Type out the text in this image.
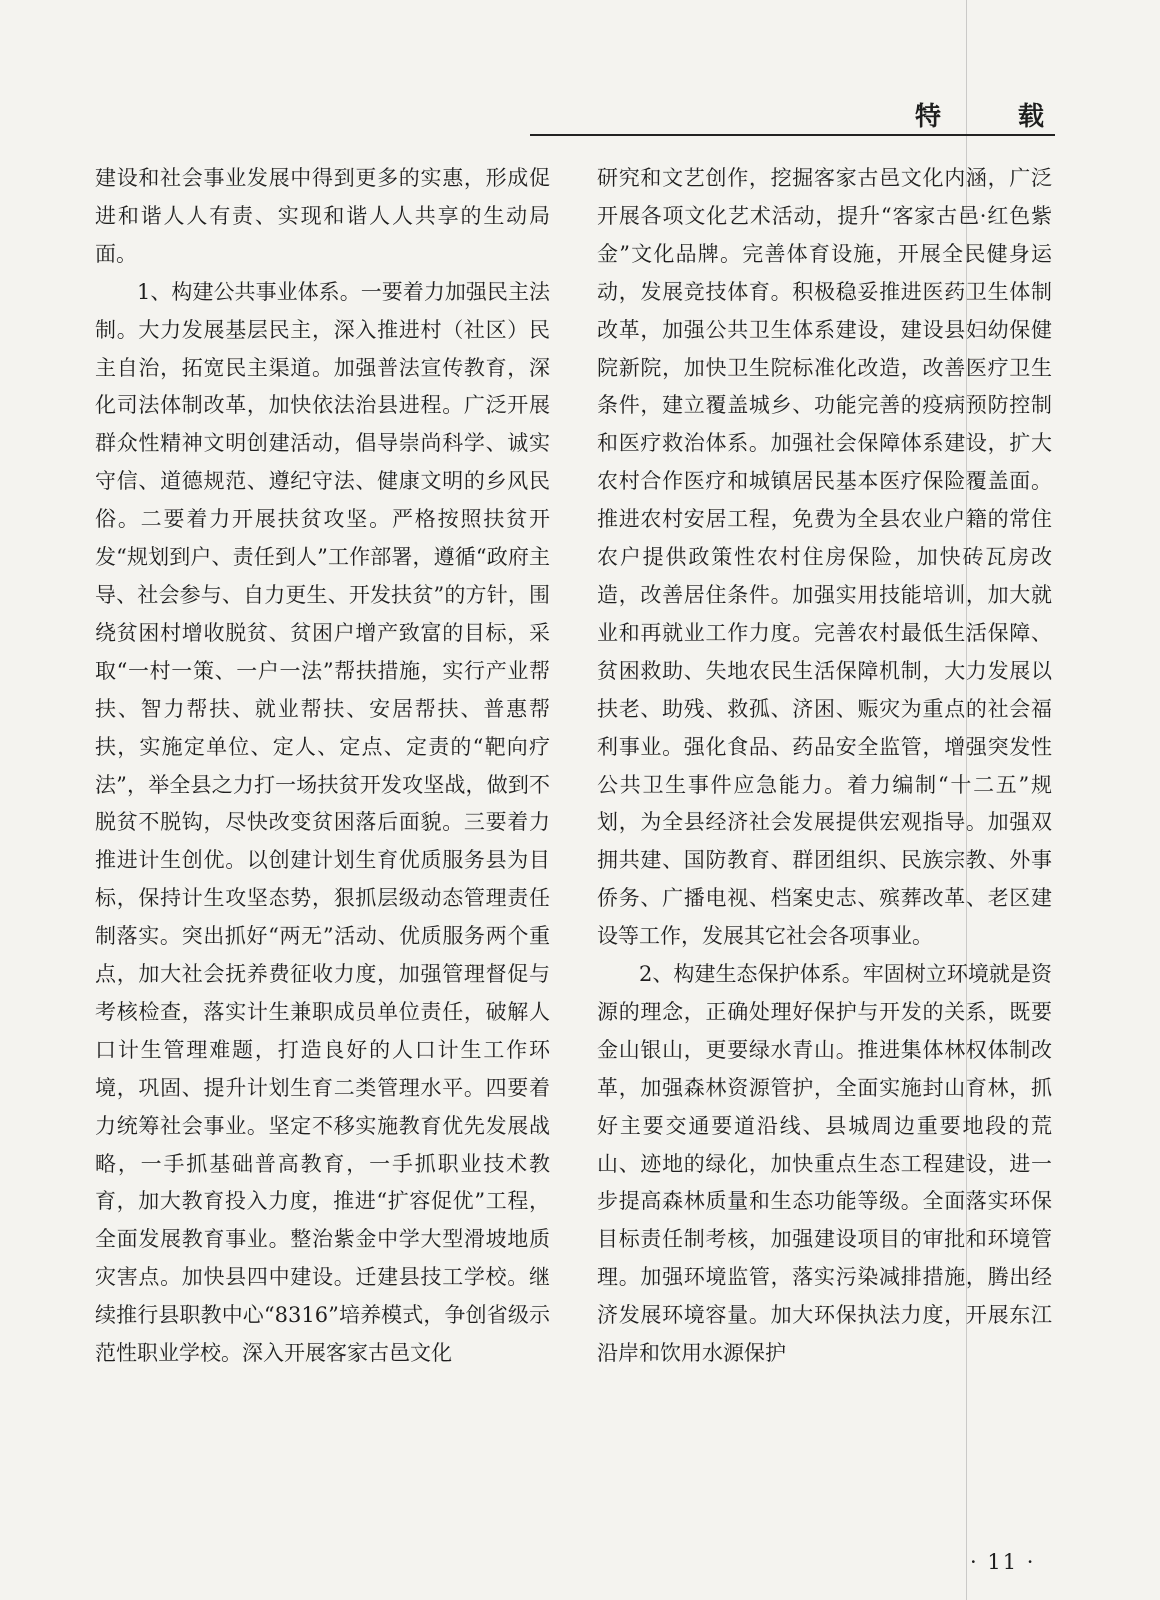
特 载

建设和社会事业发展中得到更多的实惠，形成促进和谐人人有责、实现和谐人人共享的生动局面。

1、构建公共事业体系。一要着力加强民主法制。大力发展基层民主，深入推进村（社区）民主自治，拓宽民主渠道。加强普法宣传教育，深化司法体制改革，加快依法治县进程。广泛开展群众性精神文明创建活动，倡导崇尚科学、诚实守信、道德规范、遵纪守法、健康文明的乡风民俗。二要着力开展扶贫攻坚。严格按照扶贫开发“规划到户、责任到人”工作部署，遵循“政府主导、社会参与、自力更生、开发扶贫”的方针，围绕贫困村增收脱贫、贫困户增产致富的目标，采取“一村一策、一户一法”帮扶措施，实行产业帮扶、智力帮扶、就业帮扶、安居帮扶、普惠帮扶，实施定单位、定人、定点、定责的“靶向疗法”，举全县之力打一场扶贫开发攻坚战，做到不脱贫不脱钩，尽快改变贫困落后面貌。三要着力推进计生创优。以创建计划生育优质服务县为目标，保持计生攻坚态势，狠抓层级动态管理责任制落实。突出抓好“两无”活动、优质服务两个重点，加大社会抚养费征收力度，加强管理督促与考核检查，落实计生兼职成员单位责任，破解人口计生管理难题，打造良好的人口计生工作环境，巩固、提升计划生育二类管理水平。四要着力统筹社会事业。坚定不移实施教育优先发展战略，一手抓基础普高教育，一手抓职业技术教育，加大教育投入力度，推进“扩容促优”工程，全面发展教育事业。整治紫金中学大型滑坡地质灾害点。加快县四中建设。迁建县技工学校。继续推行县职教中心“8316”培养模式，争创省级示范性职业学校。深入开展客家古邑文化

研究和文艺创作，挖掘客家古邑文化内涵，广泛开展各项文化艺术活动，提升“客家古邑·红色紫金”文化品牌。完善体育设施，开展全民健身运动，发展竞技体育。积极稳妥推进医药卫生体制改革，加强公共卫生体系建设，建设县妇幼保健院新院，加快卫生院标准化改造，改善医疗卫生条件，建立覆盖城乡、功能完善的疫病预防控制和医疗救治体系。加强社会保障体系建设，扩大农村合作医疗和城镇居民基本医疗保险覆盖面。推进农村安居工程，免费为全县农业户籍的常住农户提供政策性农村住房保险，加快砖瓦房改造，改善居住条件。加强实用技能培训，加大就业和再就业工作力度。完善农村最低生活保障、贫困救助、失地农民生活保障机制，大力发展以扶老、助残、救孤、济困、赈灾为重点的社会福利事业。强化食品、药品安全监管，增强突发性公共卫生事件应急能力。着力编制“十二五”规划，为全县经济社会发展提供宏观指导。加强双拥共建、国防教育、群团组织、民族宗教、外事侨务、广播电视、档案史志、殡葬改革、老区建设等工作，发展其它社会各项事业。

2、构建生态保护体系。牢固树立环境就是资源的理念，正确处理好保护与开发的关系，既要金山银山，更要绿水青山。推进集体林权体制改革，加强森林资源管护，全面实施封山育林，抓好主要交通要道沿线、县城周边重要地段的荒山、迹地的绿化，加快重点生态工程建设，进一步提高森林质量和生态功能等级。全面落实环保目标责任制考核，加强建设项目的审批和环境管理。加强环境监管，落实污染减排措施，腾出经济发展环境容量。加大环保执法力度，开展东江沿岸和饮用水源保护

· 11 ·
